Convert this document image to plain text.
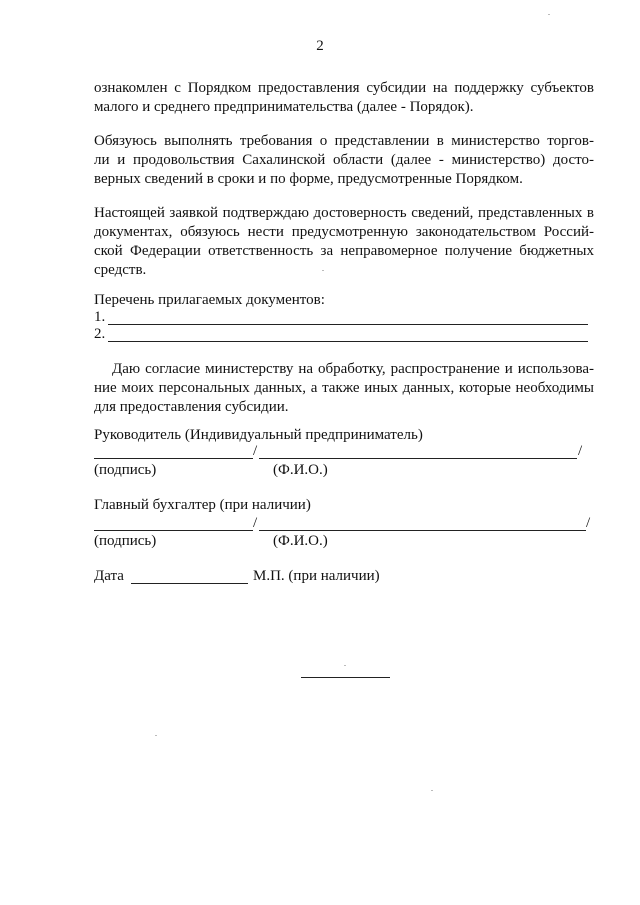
2
ознакомлен с Порядком предоставления субсидии на поддержку субъектов
малого и среднего предпринимательства (далее - Порядок).
Обязуюсь выполнять требования о представлении в министерство торгов-
ли и продовольствия Сахалинской области (далее - министерство) досто-
верных сведений в сроки и по форме, предусмотренные Порядком.
Настоящей заявкой подтверждаю достоверность сведений, представленных в
документах, обязуюсь нести предусмотренную законодательством Россий-
ской Федерации ответственность за неправомерное получение бюджетных
средств.
Перечень прилагаемых документов:
1.
2.
Даю согласие министерству на обработку, распространение и использова-
ние моих персональных данных, а также иных данных, которые необходимы
для предоставления субсидии.
Руководитель (Индивидуальный предприниматель)
/	/
(подпись)	(Ф.И.О.)
Главный бухгалтер (при наличии)
/	/
(подпись)	(Ф.И.О.)
Дата	М.П. (при наличии)
